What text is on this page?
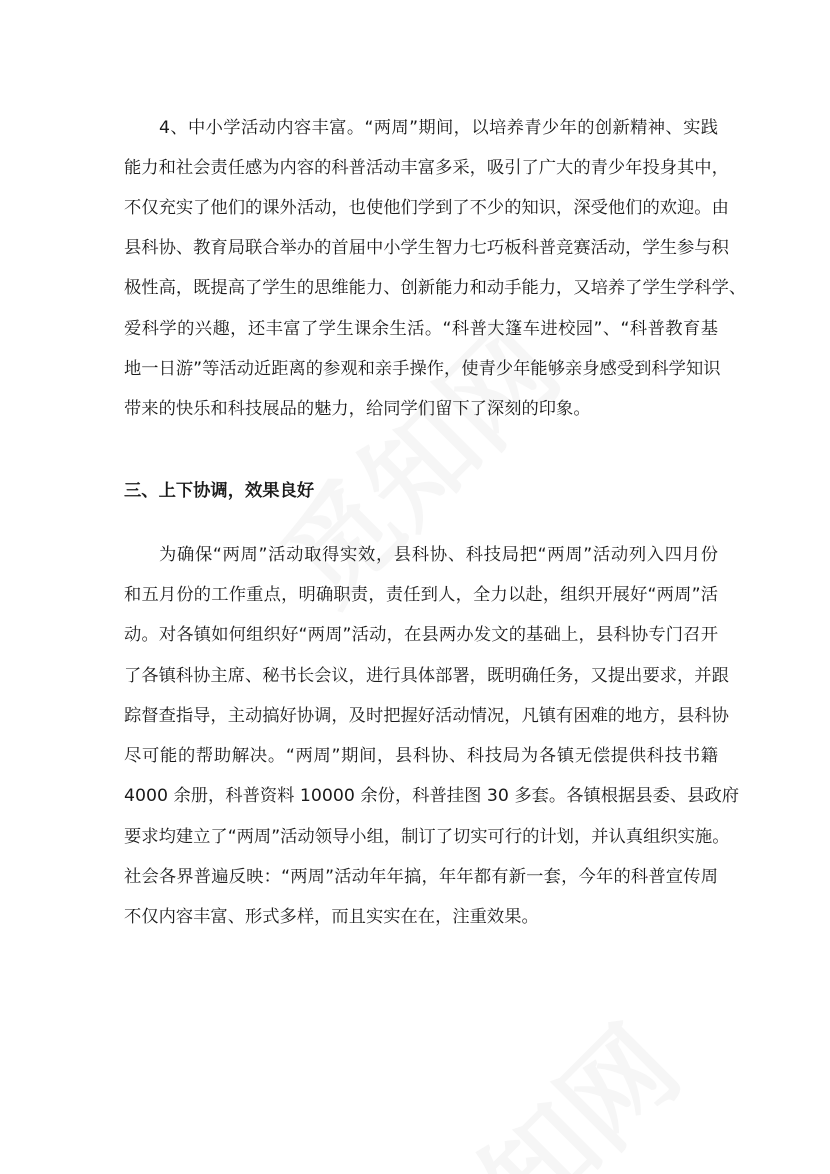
4、中小学活动内容丰富。“两周”期间，以培养青少年的创新精神、实践
能力和社会责任感为内容的科普活动丰富多采，吸引了广大的青少年投身其中，
不仅充实了他们的课外活动，也使他们学到了不少的知识，深受他们的欢迎。由
县科协、教育局联合举办的首届中小学生智力七巧板科普竞赛活动，学生参与积
极性高，既提高了学生的思维能力、创新能力和动手能力，又培养了学生学科学、
爱科学的兴趣，还丰富了学生课余生活。“科普大篷车进校园”、“科普教育基
地一日游”等活动近距离的参观和亲手操作，使青少年能够亲身感受到科学知识
带来的快乐和科技展品的魅力，给同学们留下了深刻的印象。
三、上下协调，效果良好
为确保“两周”活动取得实效，县科协、科技局把“两周”活动列入四月份
和五月份的工作重点，明确职责，责任到人，全力以赴，组织开展好“两周”活
动。对各镇如何组织好“两周”活动，在县两办发文的基础上，县科协专门召开
了各镇科协主席、秘书长会议，进行具体部署，既明确任务，又提出要求，并跟
踪督查指导，主动搞好协调，及时把握好活动情况，凡镇有困难的地方，县科协
尽可能的帮助解决。“两周”期间，县科协、科技局为各镇无偿提供科技书籍
4000 余册，科普资料 10000 余份，科普挂图 30 多套。各镇根据县委、县政府
要求均建立了“两周”活动领导小组，制订了切实可行的计划，并认真组织实施。
社会各界普遍反映：“两周”活动年年搞，年年都有新一套，今年的科普宣传周
不仅内容丰富、形式多样，而且实实在在，注重效果。
